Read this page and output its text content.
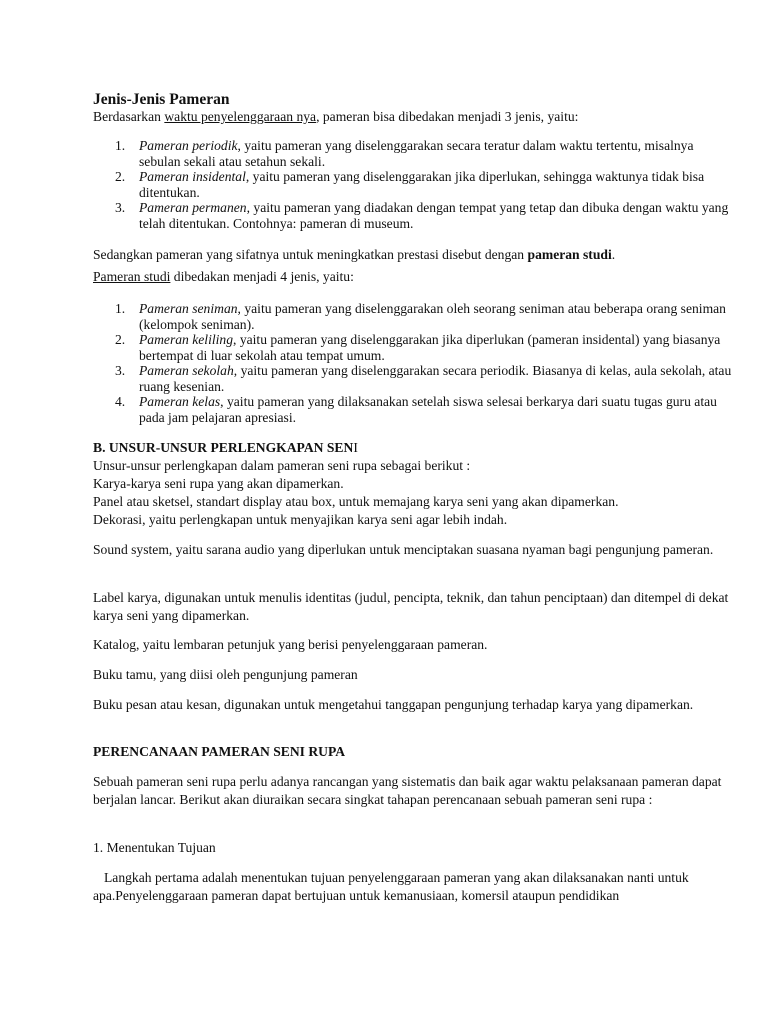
Jenis-Jenis Pameran

Berdasarkan waktu penyelenggaraan nya, pameran bisa dibedakan menjadi 3 jenis, yaitu:

1. Pameran periodik, yaitu pameran yang diselenggarakan secara teratur dalam waktu tertentu, misalnya sebulan sekali atau setahun sekali.
2. Pameran insidental, yaitu pameran yang diselenggarakan jika diperlukan, sehingga waktunya tidak bisa ditentukan.
3. Pameran permanen, yaitu pameran yang diadakan dengan tempat yang tetap dan dibuka dengan waktu yang telah ditentukan. Contohnya: pameran di museum.

Sedangkan pameran yang sifatnya untuk meningkatkan prestasi disebut dengan pameran studi.

Pameran studi dibedakan menjadi 4 jenis, yaitu:

1. Pameran seniman, yaitu pameran yang diselenggarakan oleh seorang seniman atau beberapa orang seniman (kelompok seniman).
2. Pameran keliling, yaitu pameran yang diselenggarakan jika diperlukan (pameran insidental) yang biasanya bertempat di luar sekolah atau tempat umum.
3. Pameran sekolah, yaitu pameran yang diselenggarakan secara periodik. Biasanya di kelas, aula sekolah, atau ruang kesenian.
4. Pameran kelas, yaitu pameran yang dilaksanakan setelah siswa selesai berkarya dari suatu tugas guru atau pada jam pelajaran apresiasi.

B. UNSUR-UNSUR PERLENGKAPAN SENI

Unsur-unsur perlengkapan dalam pameran seni rupa sebagai berikut :

Karya-karya seni rupa yang akan dipamerkan.

Panel atau sketsel, standart display atau box, untuk memajang karya seni yang akan dipamerkan.

Dekorasi, yaitu perlengkapan untuk menyajikan karya seni agar lebih indah.

Sound system, yaitu sarana audio yang diperlukan untuk menciptakan suasana nyaman bagi pengunjung pameran.

Label karya, digunakan untuk menulis identitas (judul, pencipta, teknik, dan tahun penciptaan) dan ditempel di dekat karya seni yang dipamerkan.

Katalog, yaitu lembaran petunjuk yang berisi penyelenggaraan pameran.

Buku tamu, yang diisi oleh pengunjung pameran

Buku pesan atau kesan, digunakan untuk mengetahui tanggapan pengunjung terhadap karya yang dipamerkan.

PERENCANAAN PAMERAN SENI RUPA

Sebuah pameran seni rupa perlu adanya rancangan yang sistematis dan baik agar waktu pelaksanaan pameran dapat berjalan lancar. Berikut akan diuraikan secara singkat tahapan perencanaan sebuah pameran seni rupa :

1. Menentukan Tujuan

Langkah pertama adalah menentukan tujuan penyelenggaraan pameran yang akan dilaksanakan nanti untuk apa.Penyelenggaraan pameran dapat bertujuan untuk kemanusiaan, komersil ataupun pendidikan
